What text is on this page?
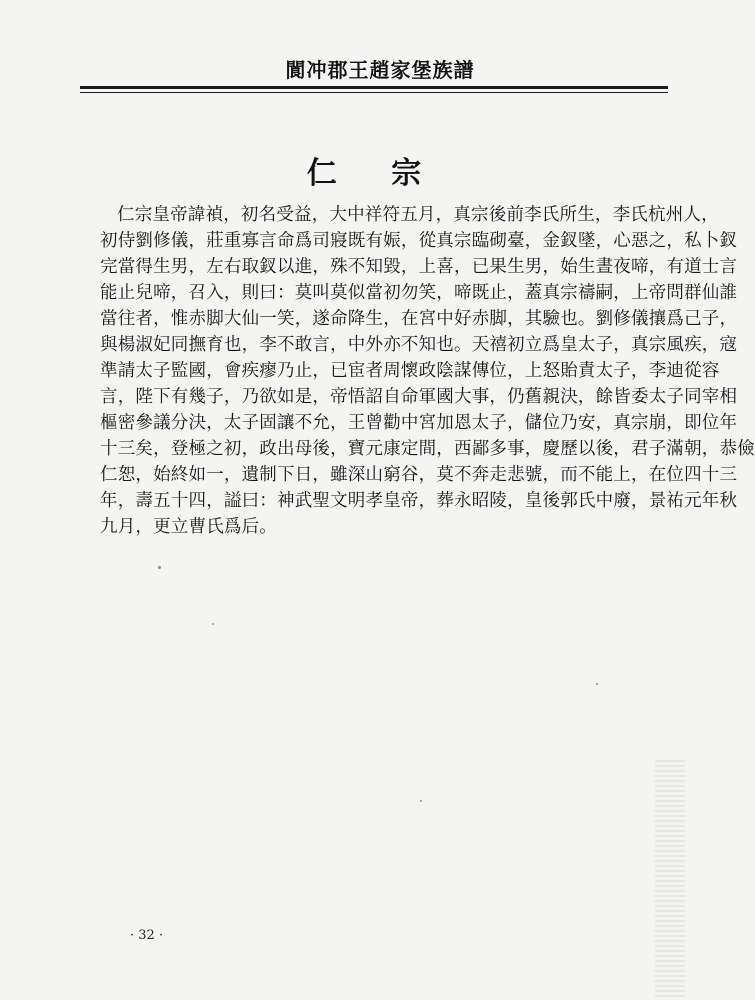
閬冲郡王趙家堡族譜
仁 宗
仁宗皇帝諱禎，初名受益，大中祥符五月，真宗後前李氏所生，李氏杭州人，
初侍劉修儀，莊重寡言命爲司寢既有娠，從真宗臨砌臺，金釵墜，心惡之，私卜釵
完當得生男，左右取釵以進，殊不知毀，上喜，已果生男，始生晝夜啼，有道士言
能止兒啼，召入，則曰：莫叫莫似當初勿笑，啼既止，蓋真宗禱嗣，上帝問群仙誰
當往者，惟赤脚大仙一笑，遂命降生，在宮中好赤脚，其驗也。劉修儀攘爲己子，
與楊淑妃同撫育也，李不敢言，中外亦不知也。天禧初立爲皇太子，真宗風疾，寇
準請太子監國，會疾瘳乃止，已宦者周懷政陰謀傳位，上怒貽責太子，李迪從容
言，陛下有幾子，乃欲如是，帝悟詔自命軍國大事，仍舊親決，餘皆委太子同宰相
樞密參議分決，太子固讓不允，王曾勸中宮加恩太子，儲位乃安，真宗崩，即位年
十三矣，登極之初，政出母後，寶元康定間，西鄙多事，慶歷以後，君子滿朝，恭儉
仁恕，始終如一，遺制下日，雖深山窮谷，莫不奔走悲號，而不能上，在位四十三
年，壽五十四，謚曰：神武聖文明孝皇帝，葬永昭陵，皇後郭氏中廢，景祐元年秋
九月，更立曹氏爲后。
· 32 ·
